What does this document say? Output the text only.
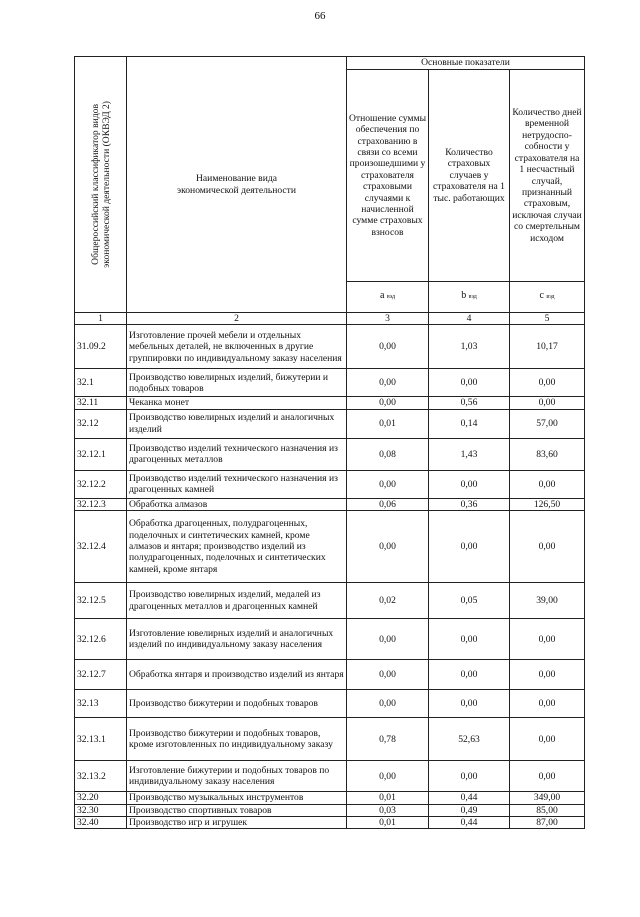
66
Общероссийский классификатор видов
экономической деятельности (ОКВЭД 2)	Наименование вида экономической деятельности	Основные показатели		
		Отношение суммы обеспечения по страхованию в связи со всеми произошедшими у страхователя страховыми случаями к начисленной сумме страховых взносов	Количество страховых случаев у страхователя на 1 тыс. работающих	Количество дней временной нетрудоспо-собности у страхователя на 1 несчастный случай, признанный страховым, исключая случаи со смертельным исходом
		а вэд	b вэд	c вэд
1	2	3	4	5
31.09.2	Изготовление прочей мебели и отдельных мебельных деталей, не включенных в другие группировки по индивидуальному заказу населения	0,00	1,03	10,17
32.1	Производство ювелирных изделий, бижутерии и подобных товаров	0,00	0,00	0,00
32.11	Чеканка монет	0,00	0,56	0,00
32.12	Производство ювелирных изделий и аналогичных изделий	0,01	0,14	57,00
32.12.1	Производство изделий технического назначения из драгоценных металлов	0,08	1,43	83,60
32.12.2	Производство изделий технического назначения из драгоценных камней	0,00	0,00	0,00
32.12.3	Обработка алмазов	0,06	0,36	126,50
32.12.4	Обработка драгоценных, полудрагоценных, поделочных и синтетических камней, кроме алмазов и янтаря; производство изделий из полудрагоценных, поделочных и синтетических камней, кроме янтаря	0,00	0,00	0,00
32.12.5	Производство ювелирных изделий, медалей из драгоценных металлов и драгоценных камней	0,02	0,05	39,00
32.12.6	Изготовление ювелирных изделий и аналогичных изделий по индивидуальному заказу населения	0,00	0,00	0,00
32.12.7	Обработка янтаря и производство изделий из янтаря	0,00	0,00	0,00
32.13	Производство бижутерии и подобных товаров	0,00	0,00	0,00
32.13.1	Производство бижутерии и подобных товаров, кроме изготовленных по индивидуальному заказу	0,78	52,63	0,00
32.13.2	Изготовление бижутерии и подобных товаров по индивидуальному заказу населения	0,00	0,00	0,00
32.20	Производство музыкальных инструментов	0,01	0,44	349,00
32.30	Производство спортивных товаров	0,03	0,49	85,00
32.40	Производство игр и игрушек	0,01	0,44	87,00
